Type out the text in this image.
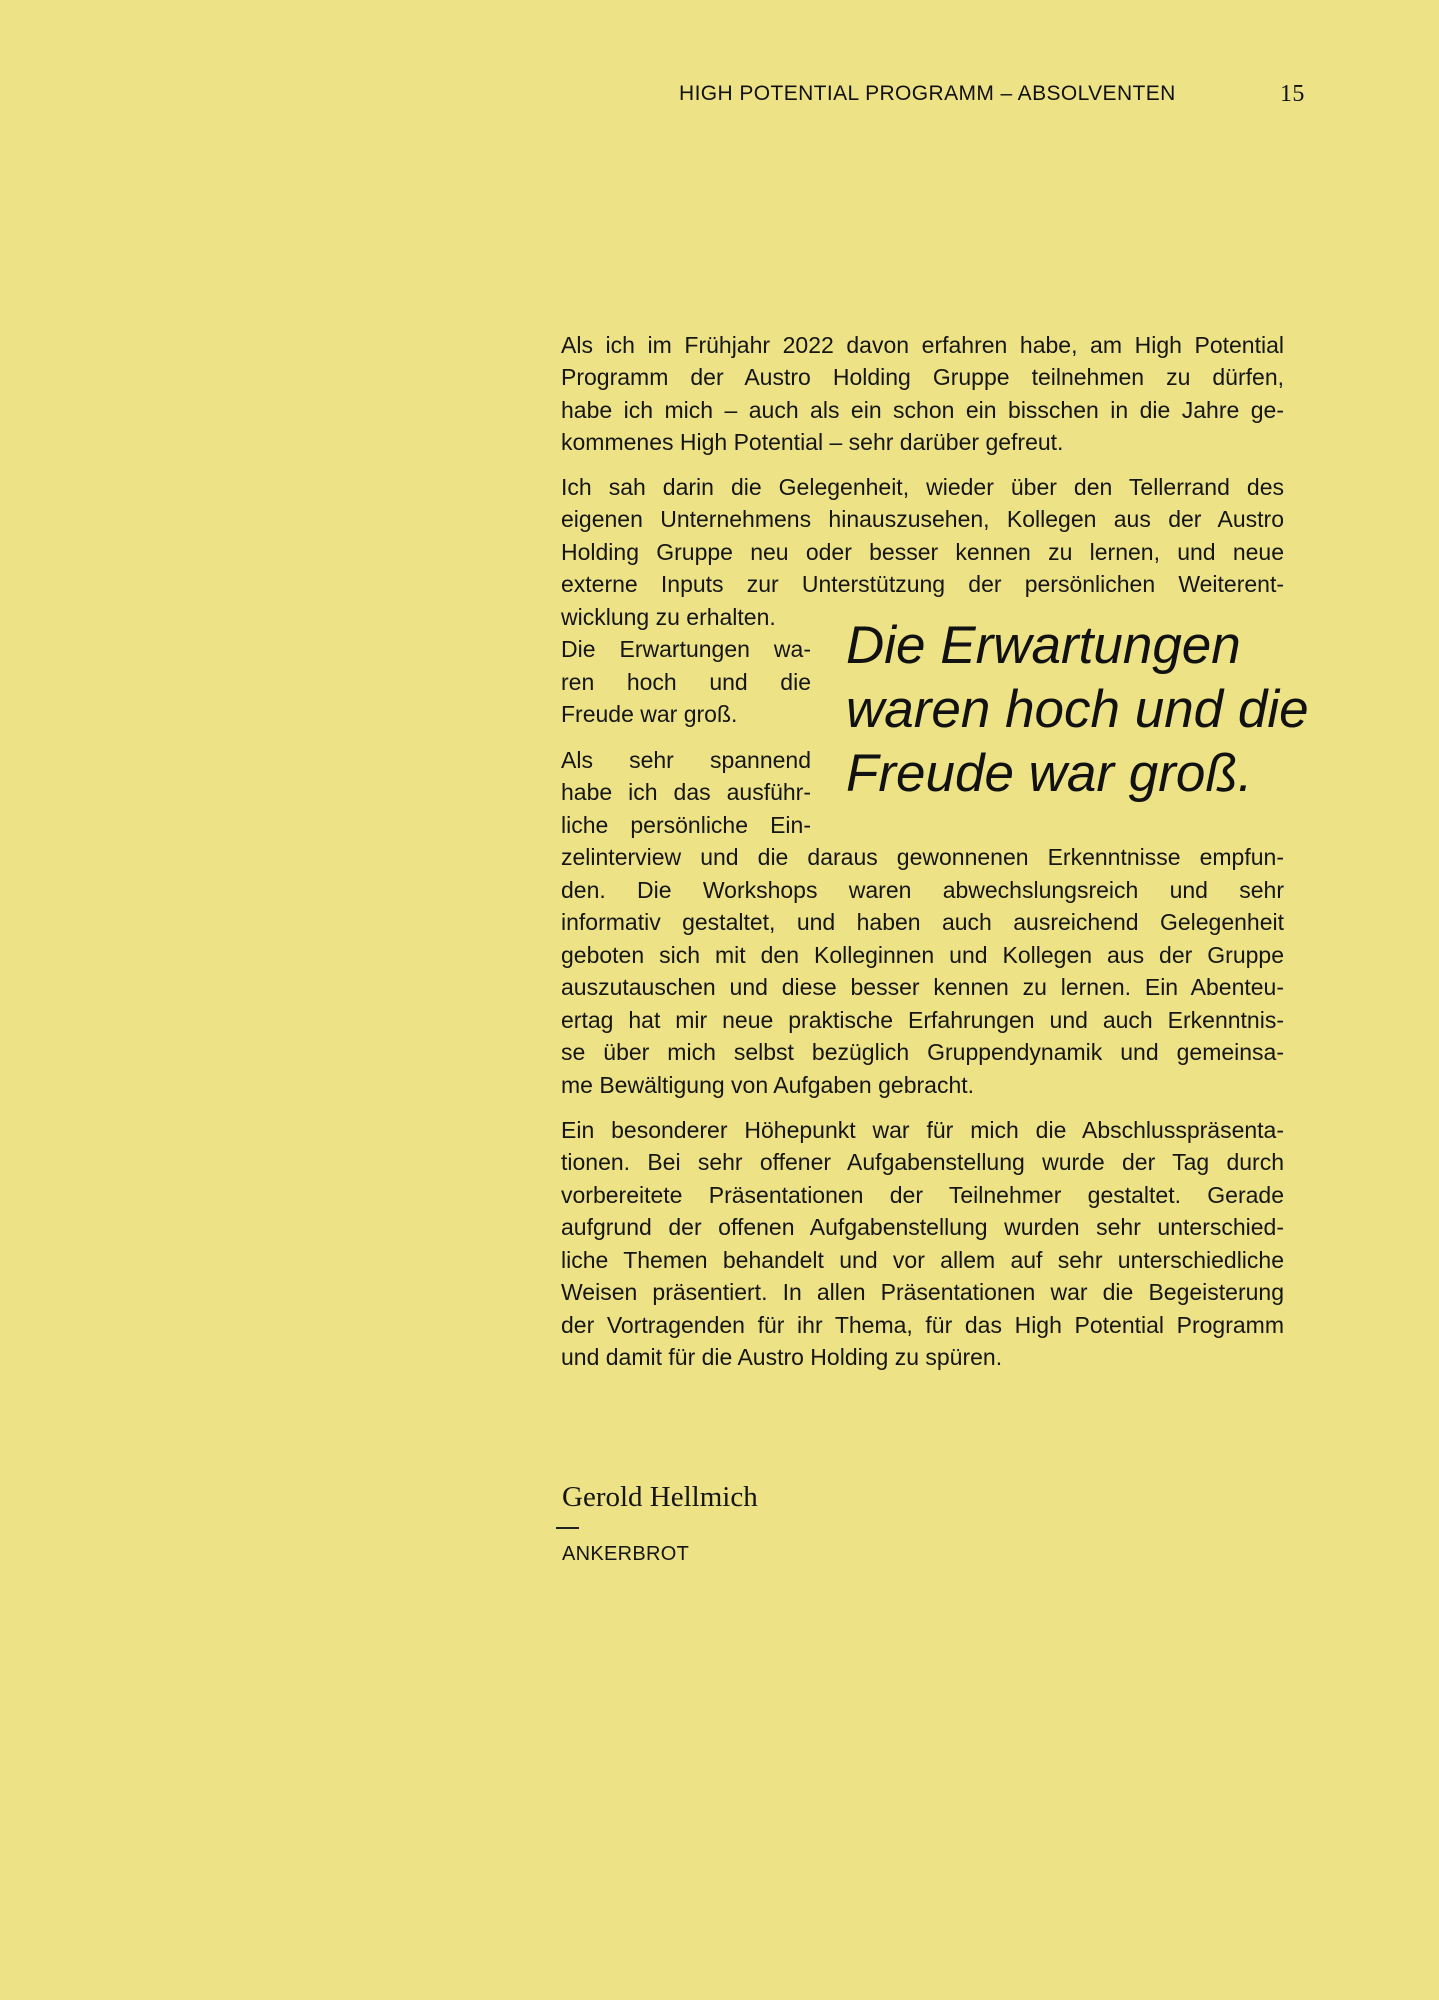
HIGH POTENTIAL PROGRAMM – ABSOLVENTEN	15
Als ich im Frühjahr 2022 davon erfahren habe, am High Potential
Programm der Austro Holding Gruppe teilnehmen zu dürfen,
habe ich mich – auch als ein schon ein bisschen in die Jahre ge-
kommenes High Potential – sehr darüber gefreut.
Ich sah darin die Gelegenheit, wieder über den Tellerrand des
eigenen Unternehmens hinauszusehen, Kollegen aus der Austro
Holding Gruppe neu oder besser kennen zu lernen, und neue
externe Inputs zur Unterstützung der persönlichen Weiterent-
wicklung zu erhalten.
Die Erwartungen wa-
ren hoch und die
Freude war groß.
Als sehr spannend
habe ich das ausführ-
liche persönliche Ein-
zelinterview und die daraus gewonnenen Erkenntnisse empfun-
den. Die Workshops waren abwechslungsreich und sehr
informativ gestaltet, und haben auch ausreichend Gelegenheit
geboten sich mit den Kolleginnen und Kollegen aus der Gruppe
auszutauschen und diese besser kennen zu lernen. Ein Abenteu-
ertag hat mir neue praktische Erfahrungen und auch Erkenntnis-
se über mich selbst bezüglich Gruppendynamik und gemeinsa-
me Bewältigung von Aufgaben gebracht.
Ein besonderer Höhepunkt war für mich die Abschlusspräsenta-
tionen. Bei sehr offener Aufgabenstellung wurde der Tag durch
vorbereitete Präsentationen der Teilnehmer gestaltet. Gerade
aufgrund der offenen Aufgabenstellung wurden sehr unterschied-
liche Themen behandelt und vor allem auf sehr unterschiedliche
Weisen präsentiert. In allen Präsentationen war die Begeisterung
der Vortragenden für ihr Thema, für das High Potential Programm
und damit für die Austro Holding zu spüren.
Die Erwartungen
waren hoch und die
Freude war groß.
Gerold Hellmich
ANKERBROT
